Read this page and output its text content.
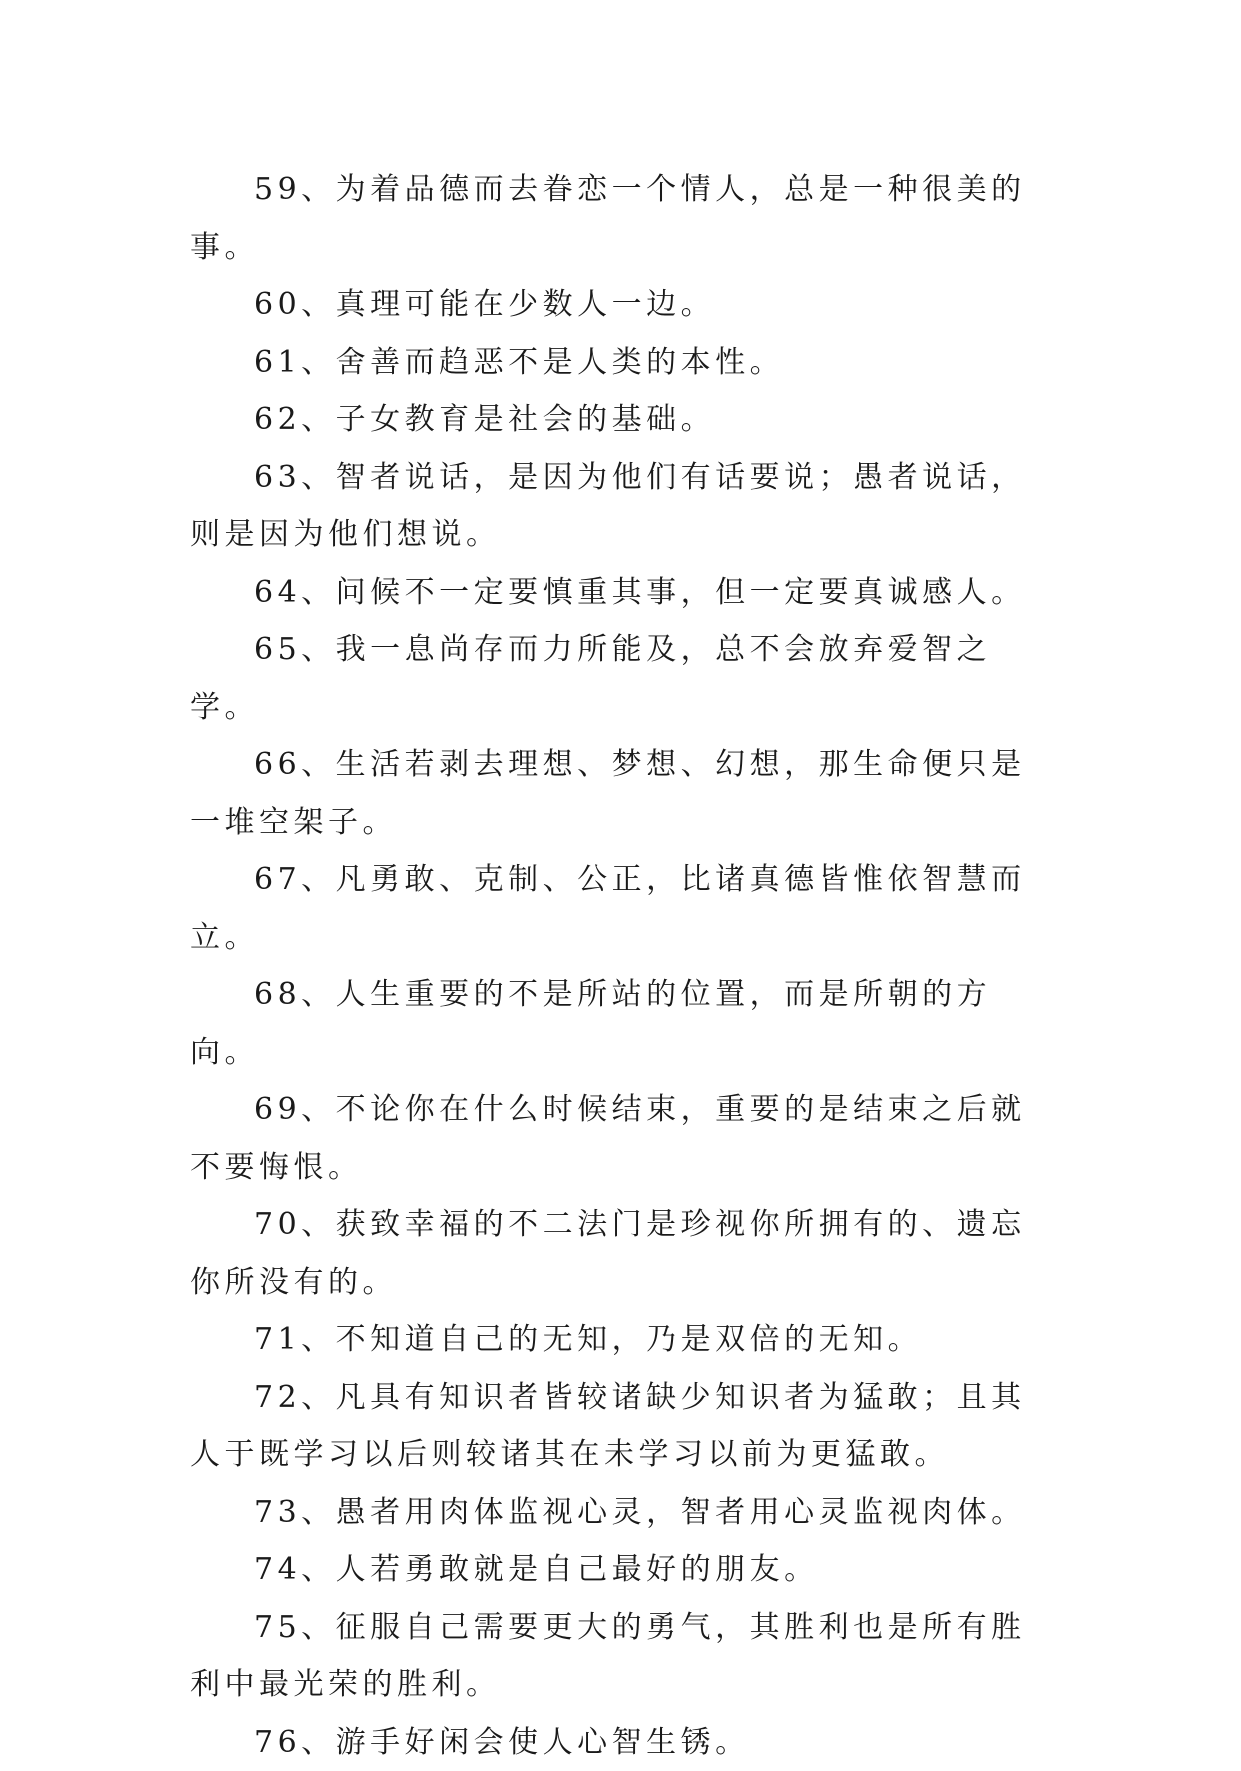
59、为着品德而去眷恋一个情人，总是一种很美的事。

60、真理可能在少数人一边。

61、舍善而趋恶不是人类的本性。

62、子女教育是社会的基础。

63、智者说话，是因为他们有话要说；愚者说话，则是因为他们想说。

64、问候不一定要慎重其事，但一定要真诚感人。

65、我一息尚存而力所能及，总不会放弃爱智之学。

66、生活若剥去理想、梦想、幻想，那生命便只是一堆空架子。

67、凡勇敢、克制、公正，比诸真德皆惟依智慧而立。

68、人生重要的不是所站的位置，而是所朝的方向。

69、不论你在什么时候结束，重要的是结束之后就不要悔恨。

70、获致幸福的不二法门是珍视你所拥有的、遗忘你所没有的。

71、不知道自己的无知，乃是双倍的无知。

72、凡具有知识者皆较诸缺少知识者为猛敢；且其人于既学习以后则较诸其在未学习以前为更猛敢。

73、愚者用肉体监视心灵，智者用心灵监视肉体。

74、人若勇敢就是自己最好的朋友。

75、征服自己需要更大的勇气，其胜利也是所有胜利中最光荣的胜利。

76、游手好闲会使人心智生锈。
